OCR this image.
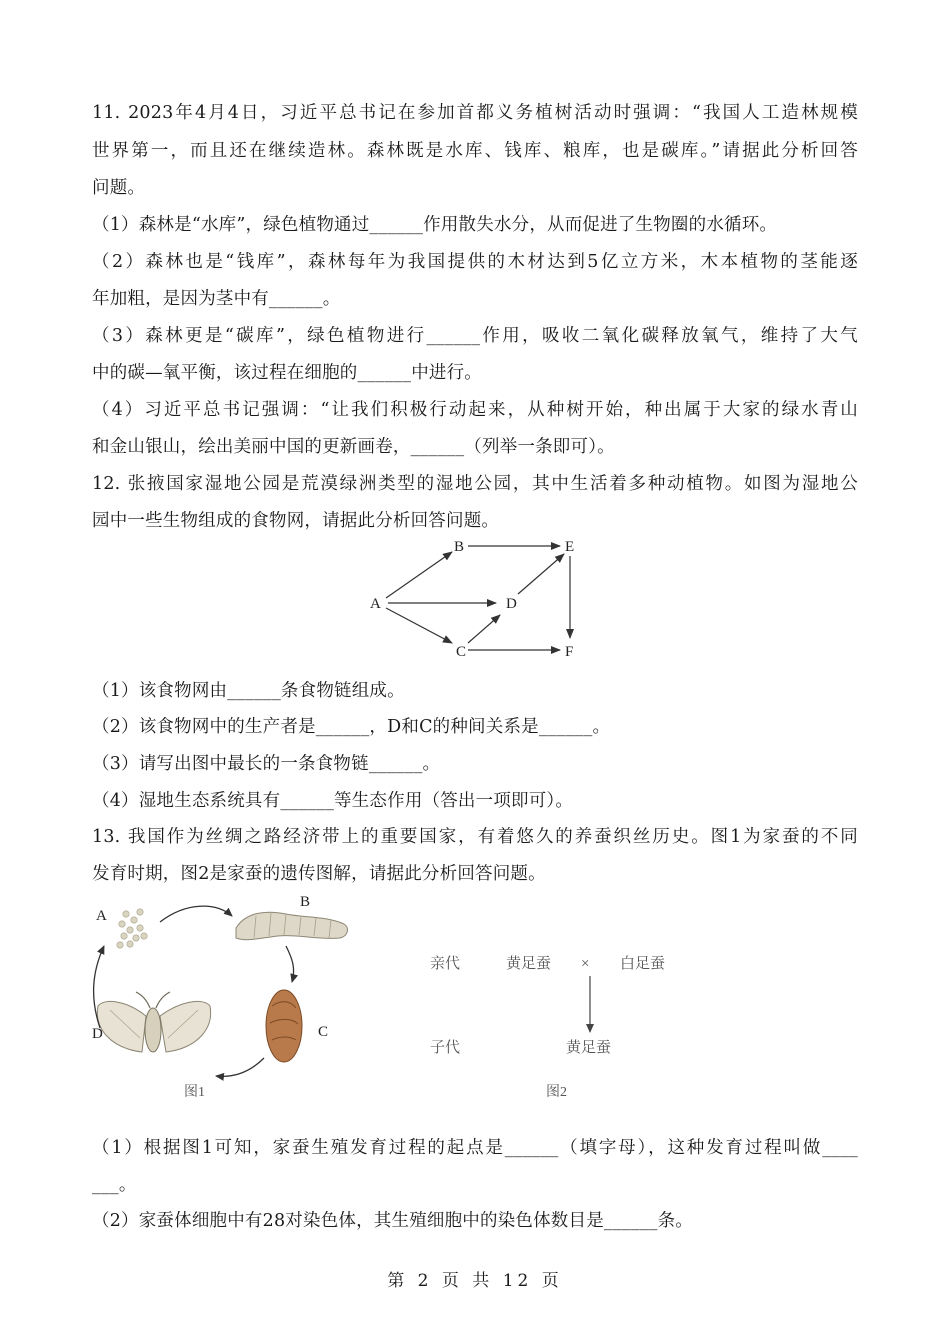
11. 2023年4月4日，习近平总书记在参加首都义务植树活动时强调：“我国人工造林规模
世界第一，而且还在继续造林。森林既是水库、钱库、粮库，也是碳库。”请据此分析回答
问题。
（1）森林是“水库”，绿色植物通过______作用散失水分，从而促进了生物圈的水循环。
（2）森林也是“钱库”，森林每年为我国提供的木材达到5亿立方米，木本植物的茎能逐
年加粗，是因为茎中有______。
（3）森林更是“碳库”，绿色植物进行______作用，吸收二氧化碳释放氧气，维持了大气
中的碳—氧平衡，该过程在细胞的______中进行。
（4）习近平总书记强调：“让我们积极行动起来，从种树开始，种出属于大家的绿水青山
和金山银山，绘出美丽中国的更新画卷，______（列举一条即可）。
12. 张掖国家湿地公园是荒漠绿洲类型的湿地公园，其中生活着多种动植物。如图为湿地公
园中一些生物组成的食物网，请据此分析回答问题。
A
B
C
D
E
F
（1）该食物网由______条食物链组成。
（2）该食物网中的生产者是______，D和C的种间关系是______。
（3）请写出图中最长的一条食物链______。
（4）湿地生态系统具有______等生态作用（答出一项即可）。
13. 我国作为丝绸之路经济带上的重要国家，有着悠久的养蚕织丝历史。图1为家蚕的不同
发育时期，图2是家蚕的遗传图解，请据此分析回答问题。
A
B
C
D
图1
亲代	黄足蚕 × 白足蚕
子代	黄足蚕
图2
（1）根据图1可知，家蚕生殖发育过程的起点是______（填字母），这种发育过程叫做____
___。
（2）家蚕体细胞中有28对染色体，其生殖细胞中的染色体数目是______条。
第 2 页 共 12 页
